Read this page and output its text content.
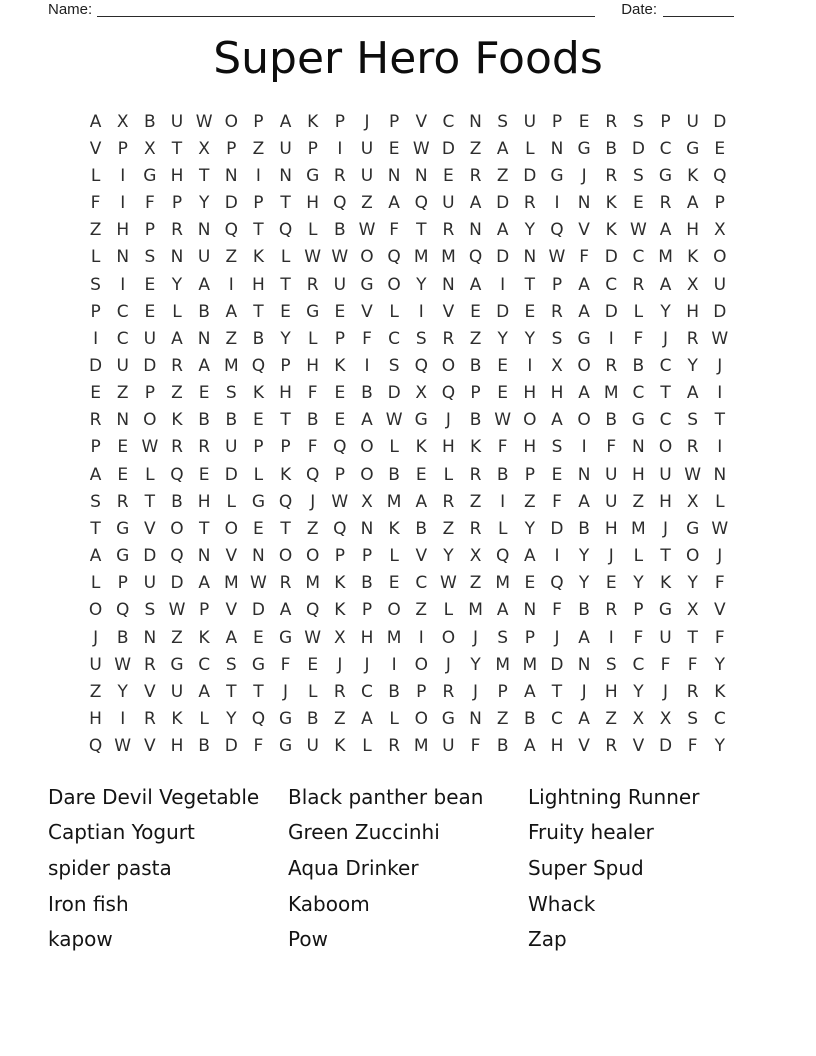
Name:	Date:
Super Hero Foods
A X B U W O P A K P	J	P V C N S U P E R S P U D
V P X T X P Z U P	I	U E W D Z A L N G B D C G E
L	I	G H T N	I	N G R U N N E R Z D G	J	R S G K Q
F	I	F	P Y D P T H Q Z A Q U A D R	I	N K E R A P
Z H P R N Q T Q L B W F	T R N A Y Q V K W A H X
L N S N U Z K L W W O Q M M Q D N W F D C M K O
S	I	E Y A	I	H T R U G O Y N A	I	T P A C R A X U
P C E	L B A T E G E V L	I	V E D E R A D L	Y H D
I	C U A N Z B Y	L	P	F C S R Z Y Y S G	I	F	J	R W
D U D R A M Q P H K	I	S Q O B E	I	X O R B C Y	J
E Z P Z E S K H F E B D X Q P E H H A M C T A	I
R N O K B B E T B E A W G	J	B W O A O B G C S T
P E W R R U P P	F Q O L K H K F H S	I	F N O R	I
A E	L Q E D L K Q P O B E	L R B P E N U H U W N
S R T B H L G Q	J W X M A R Z	I	Z F A U Z H X L
T G V O T O E T Z Q N K B Z R L	Y D B H M	J	G W
A G D Q N V N O O P P	L V Y X Q A	I	Y	J	L	T O	J
L	P U D A M W R M K B E C W Z M E Q Y E Y K Y	F
O Q S W P V D A Q K P O Z L M A N F B R P G X V
J	B N Z K A E G W X H M	I	O	J	S P	J	A	I	F U T	F
U W R G C S G F E	J	J	I	O	J	Y M M D N S C F	F	Y
Z Y V U A T T	J	L R C B P R	J	P A T	J	H Y	J	R K
H	I	R K L	Y Q G B Z A L O G N Z B C A Z X X S C
Q W V H B D F G U K L R M U F B A H V R V D F	Y
Dare Devil Vegetable
Captian Yogurt
spider pasta
Iron fish
kapow
Black panther bean
Green Zuccinhi
Aqua Drinker
Kaboom
Pow
Lightning Runner
Fruity healer
Super Spud
Whack
Zap
